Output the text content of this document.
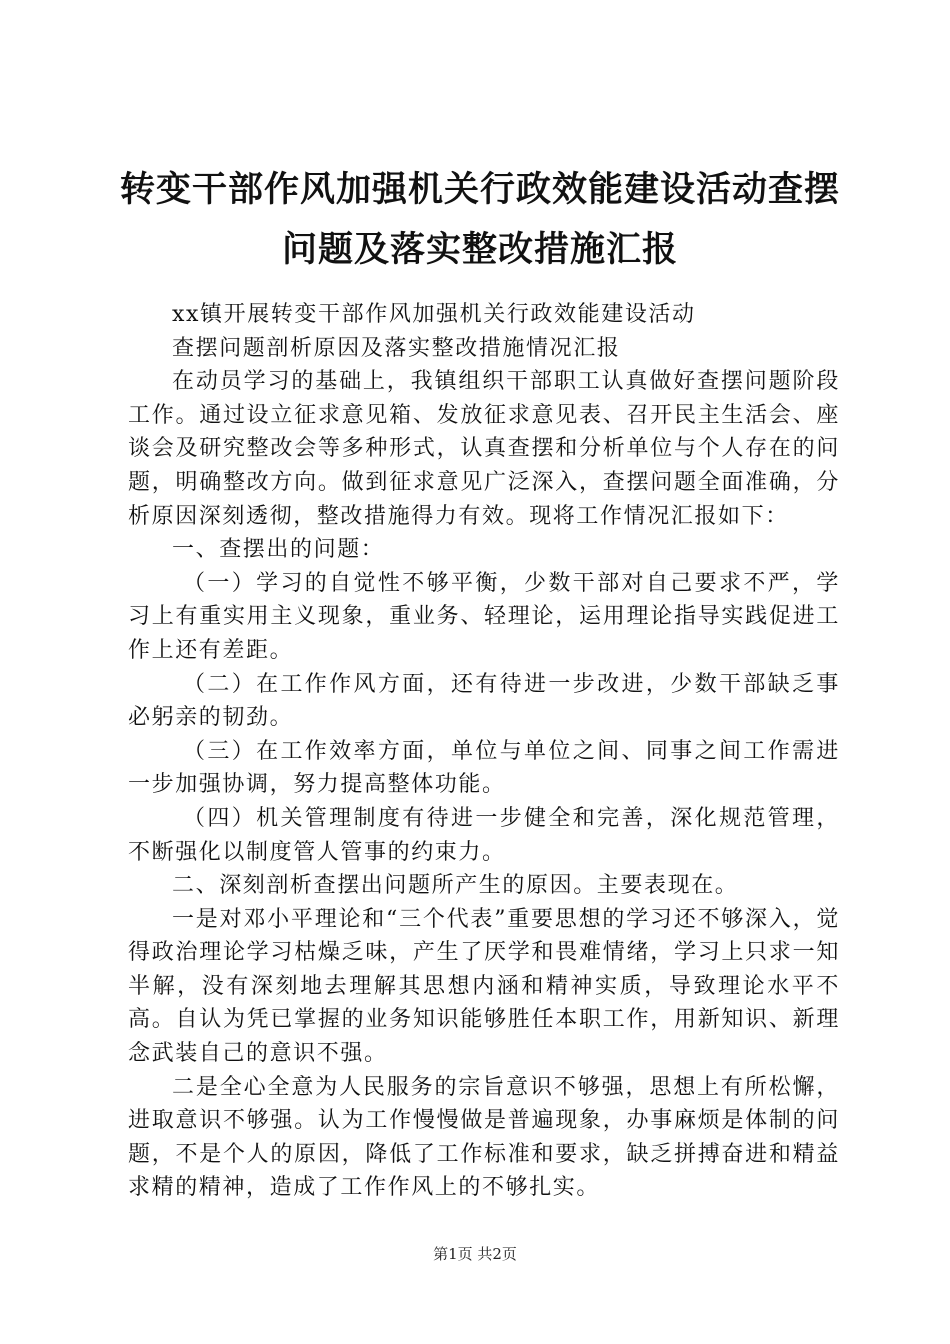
转变干部作风加强机关行政效能建设活动查摆
问题及落实整改措施汇报

xx镇开展转变干部作风加强机关行政效能建设活动

查摆问题剖析原因及落实整改措施情况汇报

在动员学习的基础上，我镇组织干部职工认真做好查摆问题阶段工作。通过设立征求意见箱、发放征求意见表、召开民主生活会、座谈会及研究整改会等多种形式，认真查摆和分析单位与个人存在的问题，明确整改方向。做到征求意见广泛深入，查摆问题全面准确，分析原因深刻透彻，整改措施得力有效。现将工作情况汇报如下：

一、查摆出的问题：

（一）学习的自觉性不够平衡，少数干部对自己要求不严，学习上有重实用主义现象，重业务、轻理论，运用理论指导实践促进工作上还有差距。

（二）在工作作风方面，还有待进一步改进，少数干部缺乏事必躬亲的韧劲。

（三）在工作效率方面，单位与单位之间、同事之间工作需进一步加强协调，努力提高整体功能。

（四）机关管理制度有待进一步健全和完善，深化规范管理，不断强化以制度管人管事的约束力。

二、深刻剖析查摆出问题所产生的原因。主要表现在。

一是对邓小平理论和“三个代表”重要思想的学习还不够深入，觉得政治理论学习枯燥乏味，产生了厌学和畏难情绪，学习上只求一知半解，没有深刻地去理解其思想内涵和精神实质，导致理论水平不高。自认为凭已掌握的业务知识能够胜任本职工作，用新知识、新理念武装自己的意识不强。

二是全心全意为人民服务的宗旨意识不够强，思想上有所松懈，进取意识不够强。认为工作慢慢做是普遍现象，办事麻烦是体制的问题，不是个人的原因，降低了工作标准和要求，缺乏拼搏奋进和精益求精的精神，造成了工作作风上的不够扎实。

第1页 共2页
